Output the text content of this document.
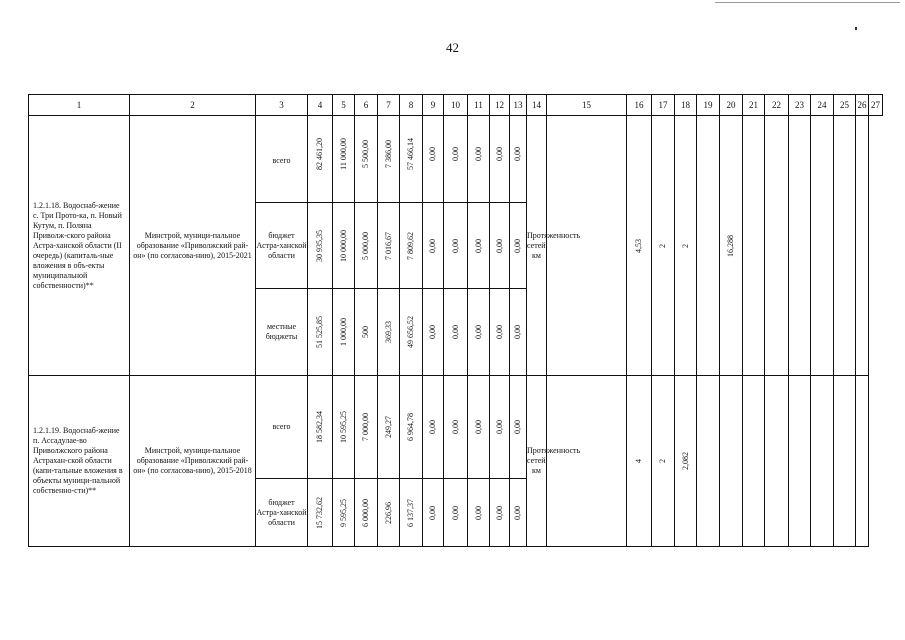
42
1	2	3	4	5	6	7	8	9	10	11	12	13	14	15	16	17	18	19	20	21	22	23	24	25	26	27
1.2.1.18. Водоснаб-жение с. Три Прото-ка, п. Новый Кутум, п. Поляна Приволж-ского района Астра-ханской области (II очередь) (капиталь-ные вложения в объ-екты муниципальной собственности)**	Минстрой, муници-пальное образование «Приволжский рай-он» (по согласова-нию), 2015-2021	всего	82 461,20	11 000,00	5 500,00	7 386,00	57 466,14	0,00	0,00	0,00	0,00	0,00	Протяженность сетей, км		4,53	2	2		16,288							

		бюджет Астра-ханской области	30 935,35	10 000,00	5 000,00	7 016,67	7 809,62	0,00	0,00	0,00	0,00	0,00														

		местные бюджеты	51 525,85	1 000,00	500	369,33	49 656,52	0,00	0,00	0,00	0,00	0,00														

1.2.1.19. Водоснаб-жение п. Ассадулае-во Приволжского района Астрахан-ской области (капи-тальные вложения в объекты муници-пальной собственно-сти)**	Минстрой, муници-пальное образование «Приволжский рай-он» (по согласова-нию), 2015-2018	всего	18 582,34	10 595,25	7 000,00	249,27	6 964,78	0,00	0,00	0,00	0,00	0,00	Протяженность сетей, км		4	2	2,082									

		бюджет Астра-ханской области	15 732,62	9 595,25	6 000,00	226,96	6 137,37	0,00	0,00	0,00	0,00	0,00														
